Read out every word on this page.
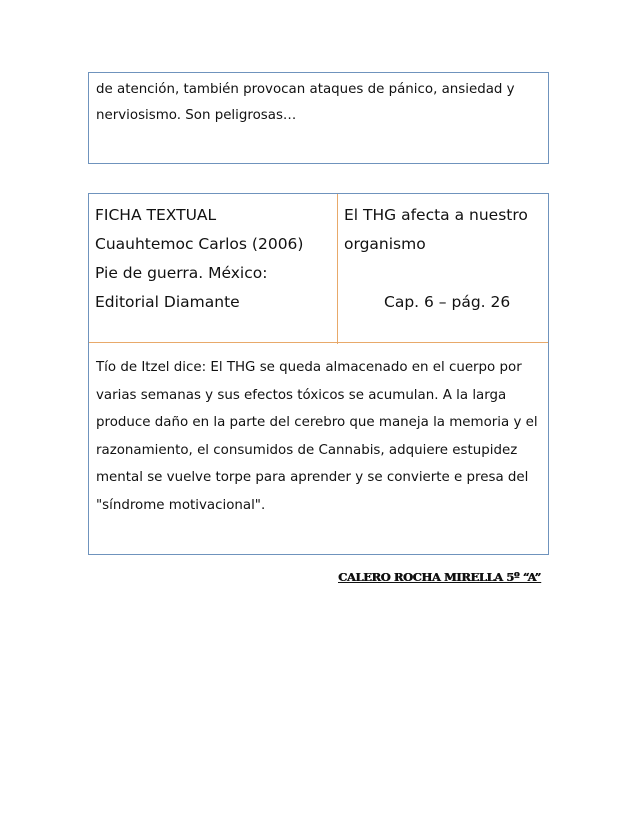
de atención, también provocan ataques de pánico, ansiedad y

nerviosismo. Son peligrosas…

FICHA TEXTUAL
Cuauhtemoc Carlos (2006)
Pie de guerra. México:
Editorial Diamante
El THG afecta a nuestro
organismo
Cap. 6 – pág. 26
Tío de Itzel dice: El THG se queda almacenado en el cuerpo por
varias semanas y sus efectos tóxicos se acumulan. A la larga
produce daño en la parte del cerebro que maneja la memoria y el
razonamiento, el consumidos de Cannabis, adquiere estupidez
mental se vuelve torpe para aprender y se convierte e presa del
"síndrome motivacional".
CALERO ROCHA MIRELLA 5º “A”
